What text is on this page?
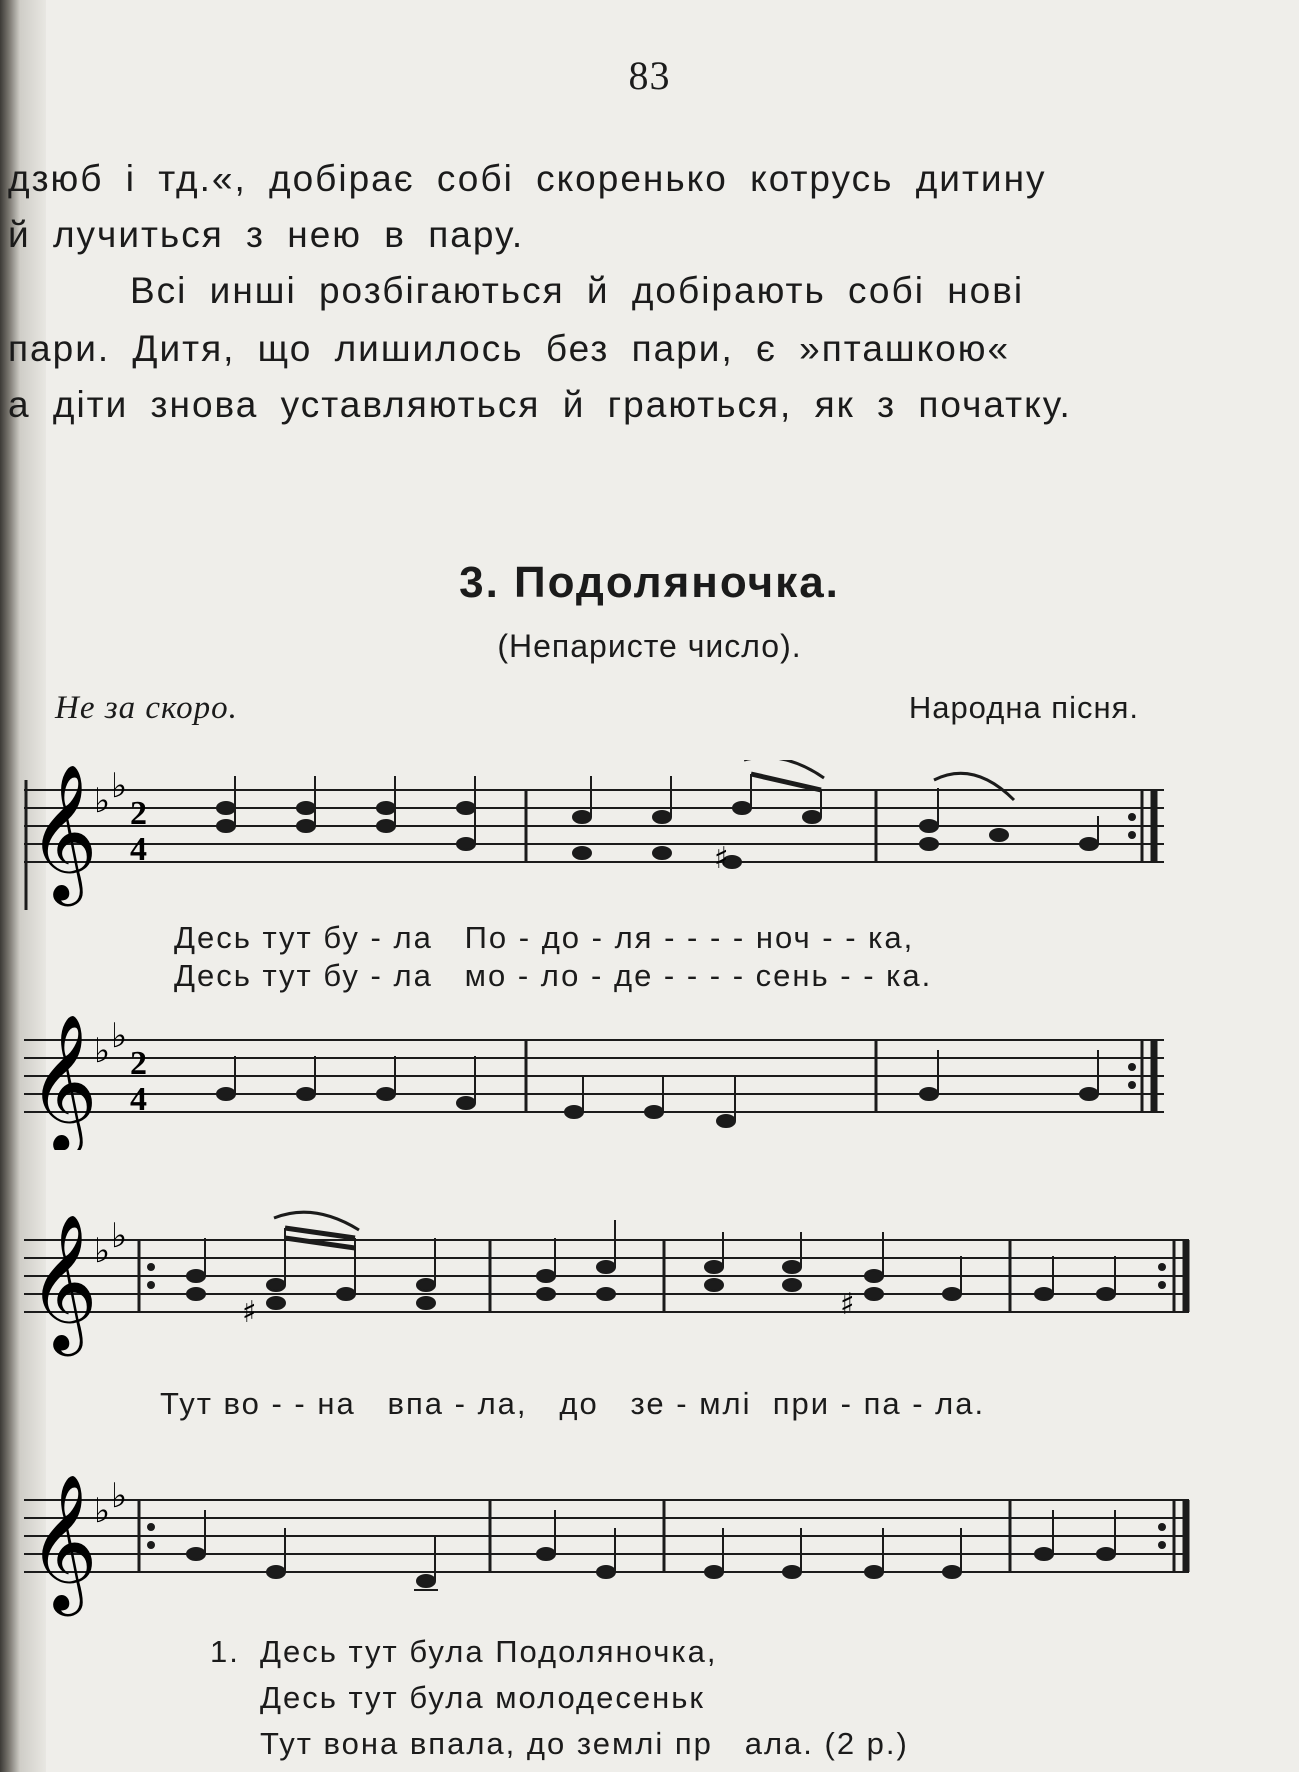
83
дзюб і тд.«, добірає собі скоренько котрусь дитину
й лучиться з нею в пару.
Всі инші розбігаються й добірають собі нові
пари. Дитя, що лишилось без пари, є »пташкою«
а діти знова уставляються й граються, як з початку.
3. Подоляночка.
(Непаристе число).
Не за скоро.	Народна пісня.
𝄞
♭ ♭
2
4	♯
Десь тут бу - ла   По - до - ля - - - - ноч - - ка,
Десь тут бу - ла   мо - ло - де - - - - сень - - ка.
𝄞
♭ ♭
2
4
𝄞
♭ ♭
♯	♯
Тут во - - на   впа - ла,   до   зе - млі  при - па - ла.
𝄞
♭ ♭
1. Десь тут була Подоляночка,
Десь тут була молодесеньк
Тут вона впала, до землі пр   ала. (2 р.)
